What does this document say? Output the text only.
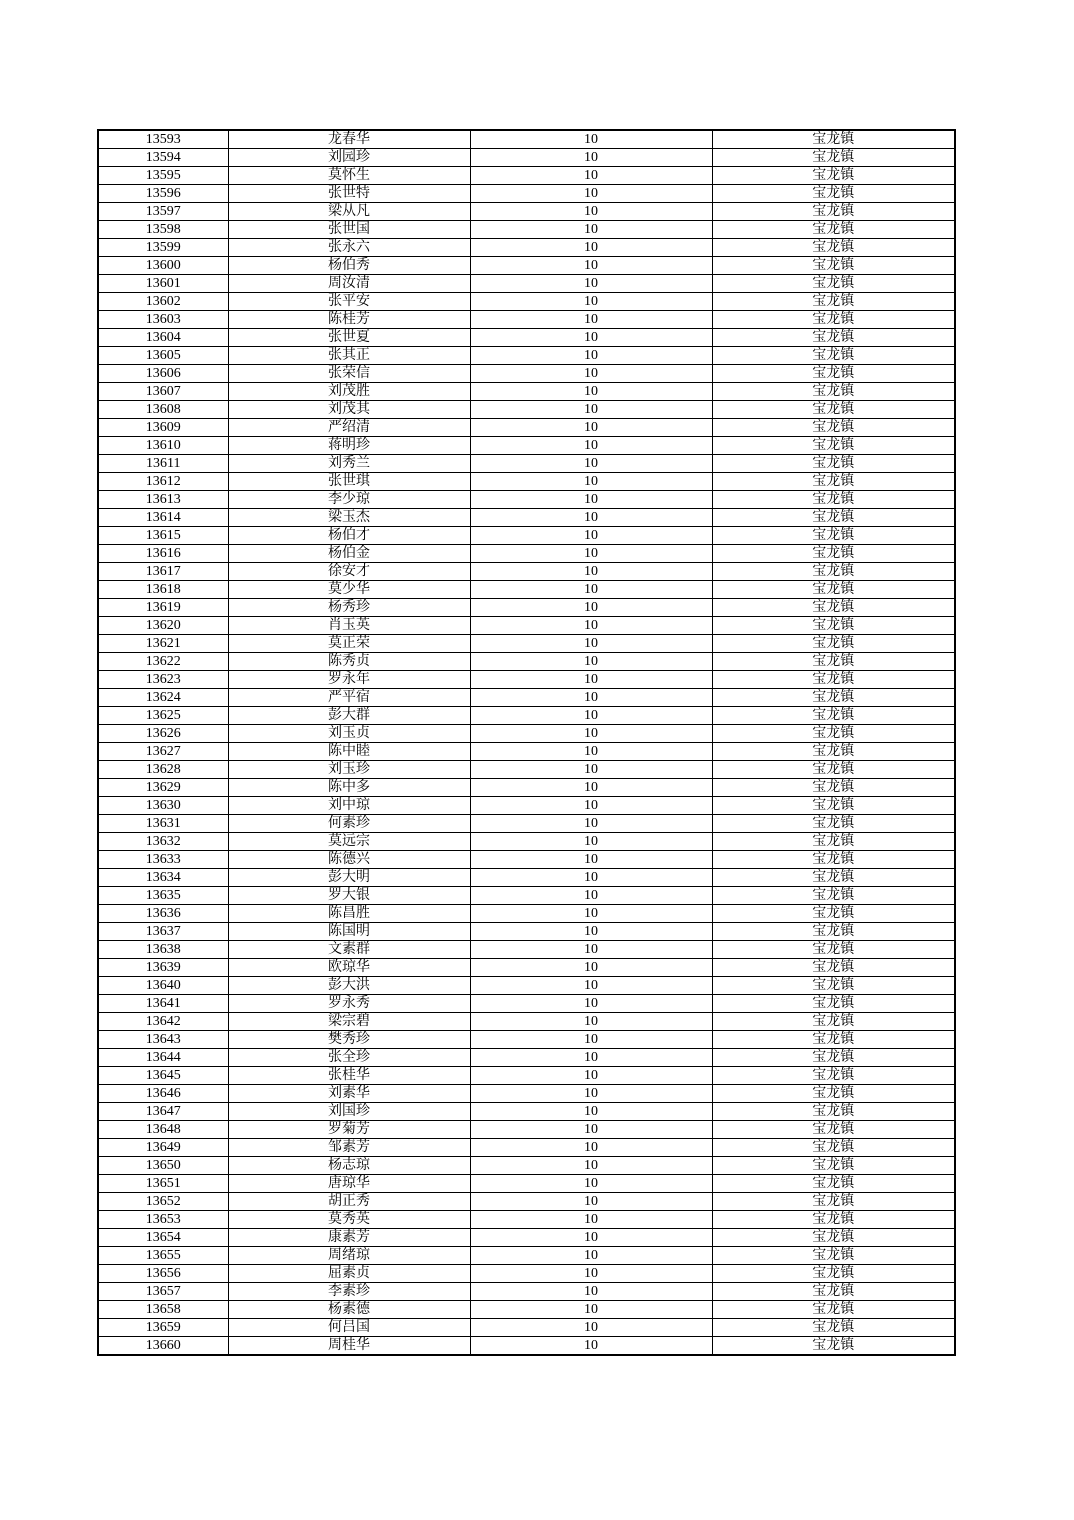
13593	龙春华	10	宝龙镇
13594	刘园珍	10	宝龙镇
13595	莫怀生	10	宝龙镇
13596	张世特	10	宝龙镇
13597	梁从凡	10	宝龙镇
13598	张世国	10	宝龙镇
13599	张永六	10	宝龙镇
13600	杨伯秀	10	宝龙镇
13601	周汝清	10	宝龙镇
13602	张平安	10	宝龙镇
13603	陈桂芳	10	宝龙镇
13604	张世夏	10	宝龙镇
13605	张其正	10	宝龙镇
13606	张荣信	10	宝龙镇
13607	刘茂胜	10	宝龙镇
13608	刘茂其	10	宝龙镇
13609	严绍清	10	宝龙镇
13610	蒋明珍	10	宝龙镇
13611	刘秀兰	10	宝龙镇
13612	张世琪	10	宝龙镇
13613	李少琼	10	宝龙镇
13614	梁玉杰	10	宝龙镇
13615	杨伯才	10	宝龙镇
13616	杨伯金	10	宝龙镇
13617	徐安才	10	宝龙镇
13618	莫少华	10	宝龙镇
13619	杨秀珍	10	宝龙镇
13620	肖玉英	10	宝龙镇
13621	莫正荣	10	宝龙镇
13622	陈秀贞	10	宝龙镇
13623	罗永年	10	宝龙镇
13624	严平宿	10	宝龙镇
13625	彭大群	10	宝龙镇
13626	刘玉贞	10	宝龙镇
13627	陈中睦	10	宝龙镇
13628	刘玉珍	10	宝龙镇
13629	陈中多	10	宝龙镇
13630	刘中琼	10	宝龙镇
13631	何素珍	10	宝龙镇
13632	莫远宗	10	宝龙镇
13633	陈德兴	10	宝龙镇
13634	彭大明	10	宝龙镇
13635	罗大银	10	宝龙镇
13636	陈昌胜	10	宝龙镇
13637	陈国明	10	宝龙镇
13638	文素群	10	宝龙镇
13639	欧琼华	10	宝龙镇
13640	彭大洪	10	宝龙镇
13641	罗永秀	10	宝龙镇
13642	梁宗碧	10	宝龙镇
13643	樊秀珍	10	宝龙镇
13644	张全珍	10	宝龙镇
13645	张桂华	10	宝龙镇
13646	刘素华	10	宝龙镇
13647	刘国珍	10	宝龙镇
13648	罗菊芳	10	宝龙镇
13649	邹素芳	10	宝龙镇
13650	杨志琼	10	宝龙镇
13651	唐琼华	10	宝龙镇
13652	胡正秀	10	宝龙镇
13653	莫秀英	10	宝龙镇
13654	康素芳	10	宝龙镇
13655	周绪琼	10	宝龙镇
13656	屈素贞	10	宝龙镇
13657	李素珍	10	宝龙镇
13658	杨素德	10	宝龙镇
13659	何吕国	10	宝龙镇
13660	周桂华	10	宝龙镇
